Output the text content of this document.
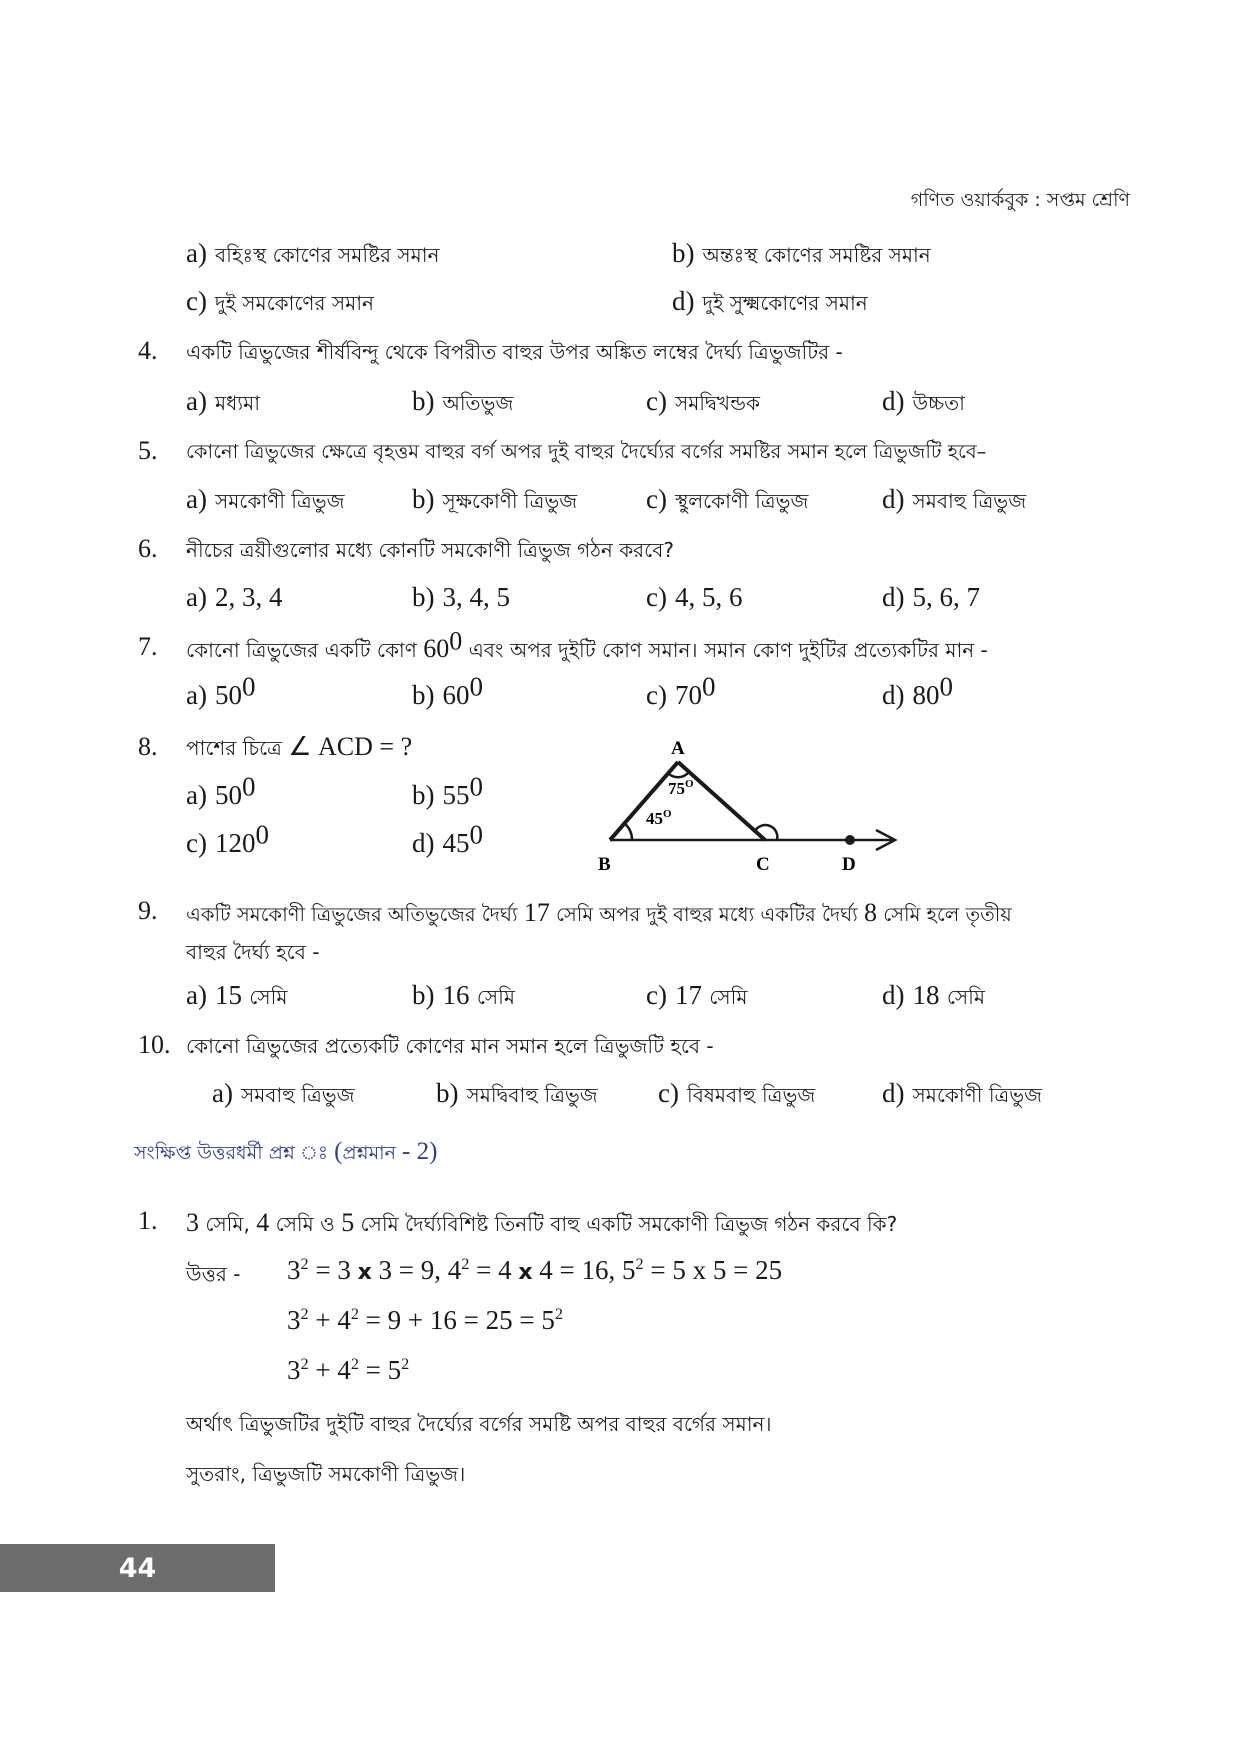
গণিত ওয়ার্কবুক : সপ্তম শ্রেণি
a) বহিঃস্থ কোণের সমষ্টির সমান	b) অন্তঃস্থ কোণের সমষ্টির সমান
c) দুই সমকোণের সমান	d) দুই সুক্ষ্মকোণের সমান
4. একটি ত্রিভুজের শীর্ষবিন্দু থেকে বিপরীত বাহুর উপর অঙ্কিত লম্বের দৈর্ঘ্য ত্রিভুজটির -
a) মধ্যমা	b) অতিভুজ	c) সমদ্বিখন্ডক	d) উচ্চতা
5. কোনো ত্রিভুজের ক্ষেত্রে বৃহত্তম বাহুর বর্গ অপর দুই বাহুর দৈর্ঘ্যের বর্গের সমষ্টির সমান হলে ত্রিভুজটি হবে–
a) সমকোণী ত্রিভুজ b) সূক্ষকোণী ত্রিভুজ	c) স্থুলকোণী ত্রিভুজ	d) সমবাহু ত্রিভুজ
6. নীচের ত্রয়ীগুলোর মধ্যে কোনটি সমকোণী ত্রিভুজ গঠন করবে?
a) 2, 3, 4	b) 3, 4, 5	c) 4, 5, 6	d) 5, 6, 7
7. কোনো ত্রিভুজের একটি কোণ $60^0$ এবং অপর দুইটি কোণ সমান। সমান কোণ দুইটির প্রত্যেকটির মান -
a) $50^0$	b) $60^0$	c) $70^0$	d) $80^0$
8. পাশের চিত্রে ∠ ACD = ?
a) $50^0$	b) $55^0$
c) $120^0$	d) $45^0$
A
B	C	D
$75^O$
$45^O$
9. একটি সমকোণী ত্রিভুজের অতিভুজের দৈর্ঘ্য 17 সেমি অপর দুই বাহুর মধ্যে একটির দৈর্ঘ্য 8 সেমি হলে তৃতীয়
বাহুর দৈর্ঘ্য হবে -
a) 15 সেমি	b) 16 সেমি	c) 17 সেমি	d) 18 সেমি
10. কোনো ত্রিভুজের প্রত্যেকটি কোণের মান সমান হলে ত্রিভুজটি হবে -
a) সমবাহু ত্রিভুজ	b) সমদ্বিবাহু ত্রিভুজ c) বিষমবাহু ত্রিভুজ d) সমকোণী ত্রিভুজ
সংক্ষিপ্ত উত্তরধর্মী প্রশ্ন ঃ (প্রশ্নমান - 2)
1. 3 সেমি, 4 সেমি ও 5 সেমি দৈর্ঘ্যবিশিষ্ট তিনটি বাহু একটি সমকোণী ত্রিভুজ গঠন করবে কি?
উত্তর - $3^2 = 3$ x 3 = 9, $4^2 = 4$ x 4 = 16, $5^2 = 5$ x 5 = 25
$3^2 + 4^2 = 9 + 16 = 25 = 5^2$
$3^2 + 4^2 = 5^2$
অর্থাৎ ত্রিভুজটির দুইটি বাহুর দৈর্ঘ্যের বর্গের সমষ্টি অপর বাহুর বর্গের সমান।
সুতরাং, ত্রিভুজটি সমকোণী ত্রিভুজ।
44
